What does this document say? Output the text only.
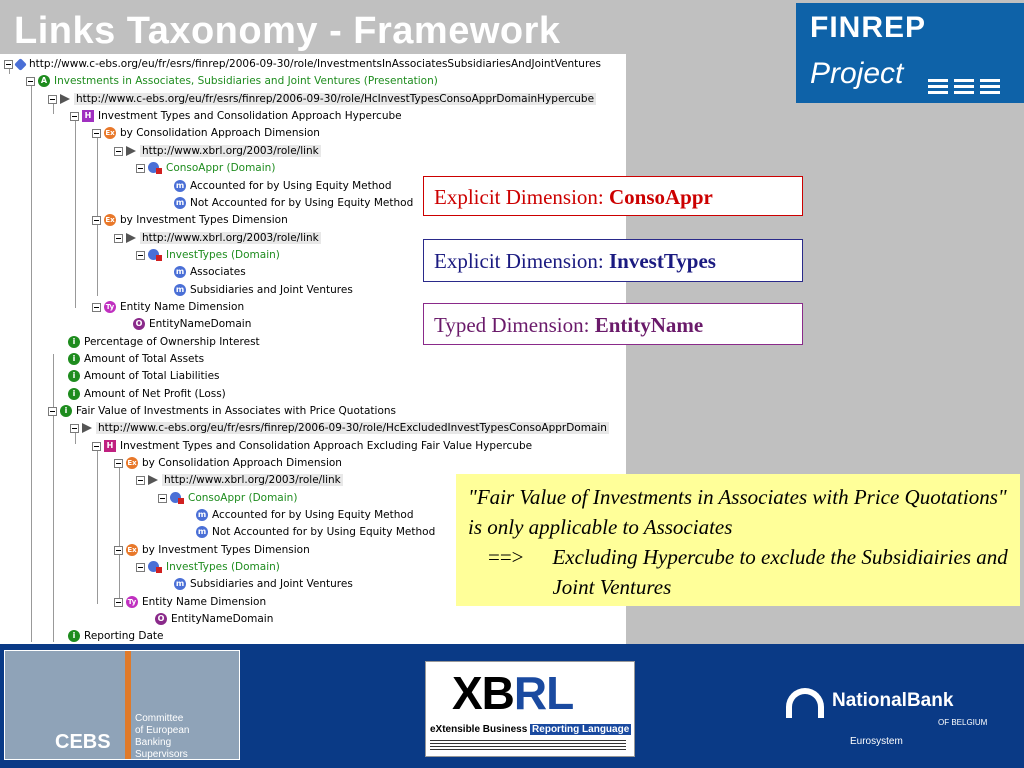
Links Taxonomy - Framework	FINREP
Project
http://www.c-ebs.org/eu/fr/esrs/finrep/2006-09-30/role/InvestmentsInAssociatesSubsidiariesAndJointVentures
A Investments in Associates, Subsidiaries and Joint Ventures (Presentation)
http://www.c-ebs.org/eu/fr/esrs/finrep/2006-09-30/role/HcInvestTypesConsoApprDomainHypercube
H Investment Types and Consolidation Approach Hypercube
Ex by Consolidation Approach Dimension
http://www.xbrl.org/2003/role/link
ConsoAppr (Domain)
m Accounted for by Using Equity Method
m Not Accounted for by Using Equity Method
Ex by Investment Types Dimension
http://www.xbrl.org/2003/role/link
InvestTypes (Domain)
m Associates
m Subsidiaries and Joint Ventures
Ty Entity Name Dimension
O EntityNameDomain
i Percentage of Ownership Interest
i Amount of Total Assets
i Amount of Total Liabilities
i Amount of Net Profit (Loss)
i Fair Value of Investments in Associates with Price Quotations
http://www.c-ebs.org/eu/fr/esrs/finrep/2006-09-30/role/HcExcludedInvestTypesConsoApprDomain
H Investment Types and Consolidation Approach Excluding Fair Value Hypercube
Ex by Consolidation Approach Dimension
http://www.xbrl.org/2003/role/link
ConsoAppr (Domain)
m Accounted for by Using Equity Method
m Not Accounted for by Using Equity Method
Ex by Investment Types Dimension
InvestTypes (Domain)
m Subsidiaries and Joint Ventures
Ty Entity Name Dimension
O EntityNameDomain
i Reporting Date
Explicit Dimension: ConsoAppr
Explicit Dimension: InvestTypes
Typed Dimension: EntityName
"Fair Value of Investments in Associates with Price Quotations" is only applicable to Associates
==>	Excluding Hypercube to exclude the Subsidiairies and Joint Ventures
CEBS
Committee
of European
Banking
Supervisors
XBRL
eXtensible Business Reporting Language
NationalBank
OF BELGIUM
Eurosystem
